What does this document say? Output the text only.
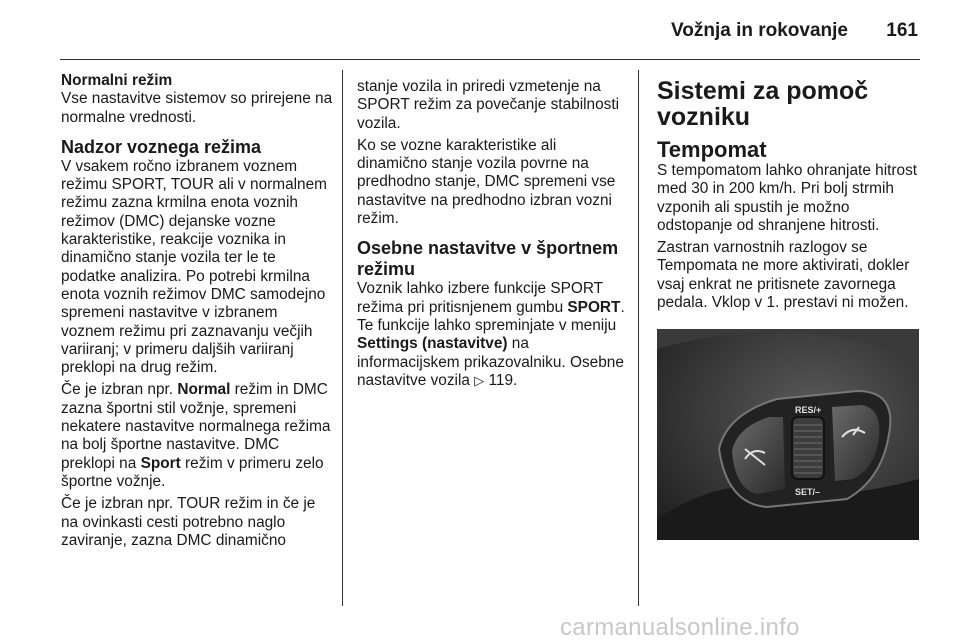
Vožnja in rokovanje 161
Normalni režim

Vse nastavitve sistemov so prirejene na normalne vrednosti.

Nadzor voznega režima

V vsakem ročno izbranem voznem režimu SPORT, TOUR ali v normalnem režimu zazna krmilna enota voznih režimov (DMC) dejanske vozne karakteristike, reakcije voznika in dinamično stanje vozila ter le te podatke analizira. Po potrebi krmilna enota voznih režimov DMC samodejno spremeni nastavitve v izbranem voznem režimu pri zaznavanju večjih variiranj; v primeru daljših variiranj preklopi na drug režim.

Če je izbran npr. Normal režim in DMC zazna športni stil vožnje, spremeni nekatere nastavitve normalnega režima na bolj športne nastavitve. DMC preklopi na Sport režim v primeru zelo športne vožnje.

Če je izbran npr. TOUR režim in če je na ovinkasti cesti potrebno naglo zaviranje, zazna DMC dinamično

stanje vozila in priredi vzmetenje na SPORT režim za povečanje stabilnosti vozila.

Ko se vozne karakteristike ali dinamično stanje vozila povrne na predhodno stanje, DMC spremeni vse nastavitve na predhodno izbran vozni režim.

Osebne nastavitve v športnem režimu

Voznik lahko izbere funkcije SPORT režima pri pritisnjenem gumbu SPORT. Te funkcije lahko spreminjate v meniju Settings (nastavitve) na informacijskem prikazovalniku. Osebne nastavitve vozila ▷ 119.

Sistemi za pomoč vozniku
Tempomat

S tempomatom lahko ohranjate hitrost med 30 in 200 km/h. Pri bolj strmih vzponih ali spustih je možno odstopanje od shranjene hitrosti.

Zastran varnostnih razlogov se Tempomata ne more aktivirati, dokler vsaj enkrat ne pritisnete zavornega pedala. Vklop v 1. prestavi ni možen.

RES/+
SET/–
carmanualsonline.info
